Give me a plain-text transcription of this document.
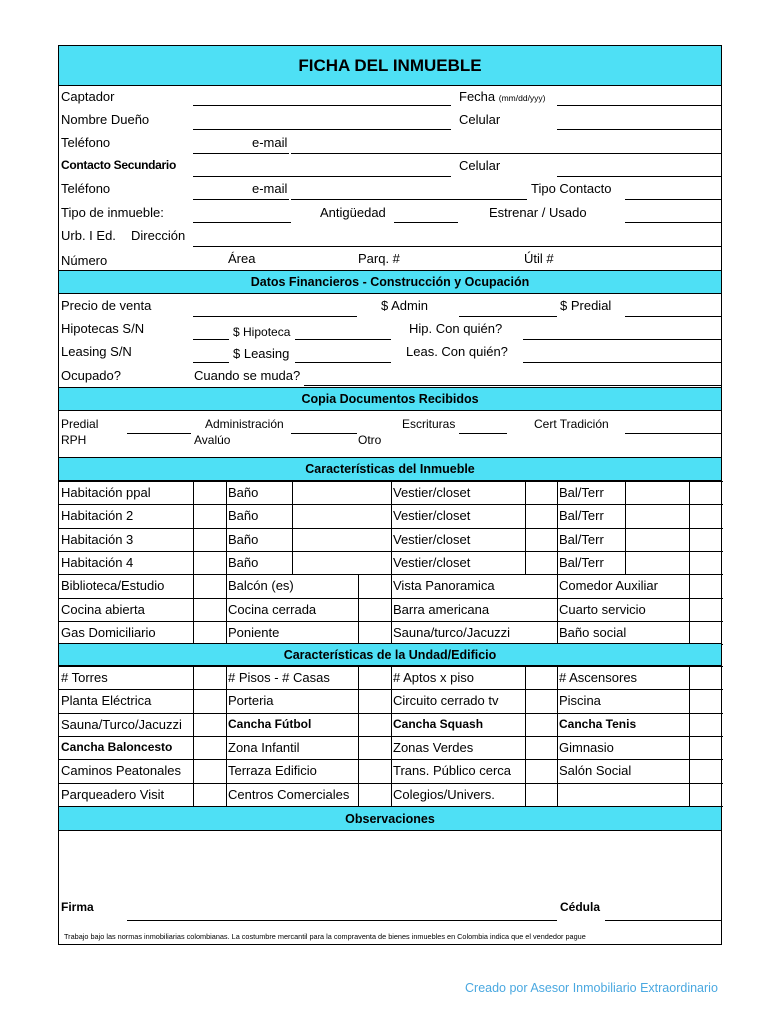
FICHA DEL INMUEBLE
Captador	Fecha (mm/dd/yyy)
Nombre Dueño	Celular
Teléfono	e-mail
Contacto Secundario	Celular
Teléfono	e-mail	Tipo Contacto
Tipo de inmueble:	Antigüedad	Estrenar / Usado
Urb. I Ed. Dirección
Número	Área	Parq. #	Útil #
Datos Financieros - Construcción y Ocupación
Precio de venta	$ Admin	$ Predial
Hipotecas S/N	$ Hipoteca	Hip. Con quién?
Leasing S/N	$ Leasing	Leas. Con quién?
Ocupado?	Cuando se muda?
Copia Documentos Recibidos
Predial	Administración	Escrituras	Cert Tradición
RPH	Avalúo	Otro
Características del Inmueble
Habitación ppal	Baño	Vestier/closet	Bal/Terr
Habitación 2	Baño	Vestier/closet	Bal/Terr
Habitación 3	Baño	Vestier/closet	Bal/Terr
Habitación 4	Baño	Vestier/closet	Bal/Terr
Biblioteca/Estudio	Balcón (es)	Vista Panoramica	Comedor Auxiliar
Cocina abierta	Cocina cerrada	Barra americana	Cuarto servicio
Gas Domiciliario	Poniente	Sauna/turco/Jacuzzi	Baño social
Características de la Undad/Edificio
# Torres	# Pisos - # Casas	# Aptos x piso	# Ascensores
Planta Eléctrica	Porteria	Circuito cerrado tv	Piscina
Sauna/Turco/Jacuzzi	Cancha Fútbol	Cancha Squash	Cancha Tenis
Cancha Baloncesto	Zona Infantil	Zonas Verdes	Gimnasio
Caminos Peatonales	Terraza Edificio	Trans. Público cerca	Salón Social
Parqueadero Visit	Centros Comerciales	Colegios/Univers.
Observaciones
Firma	Cédula
Trabajo bajo las normas inmobiliarias colombianas. La costumbre mercantil para la compraventa de bienes inmuebles en Colombia indica que el vendedor pague
Creado por Asesor Inmobiliario Extraordinario
